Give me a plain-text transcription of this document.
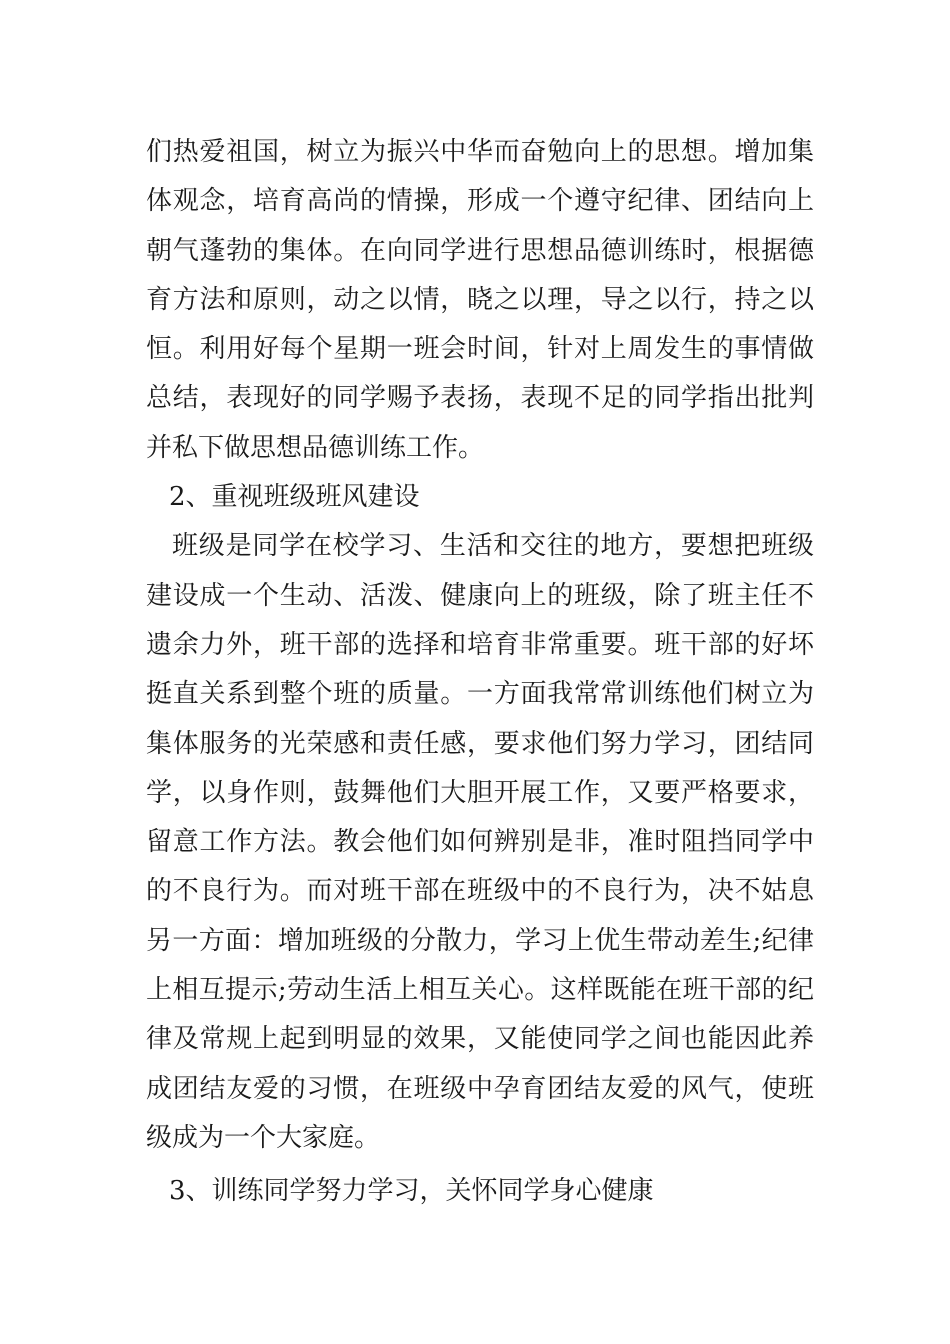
们热爱祖国，树立为振兴中华而奋勉向上的思想。增加集
体观念，培育高尚的情操，形成一个遵守纪律、团结向上
朝气蓬勃的集体。在向同学进行思想品德训练时，根据德
育方法和原则，动之以情，晓之以理，导之以行，持之以
恒。利用好每个星期一班会时间，针对上周发生的事情做
总结，表现好的同学赐予表扬，表现不足的同学指出批判
并私下做思想品德训练工作。
2、重视班级班风建设
班级是同学在校学习、生活和交往的地方，要想把班级
建设成一个生动、活泼、健康向上的班级，除了班主任不
遗余力外，班干部的选择和培育非常重要。班干部的好坏
挺直关系到整个班的质量。一方面我常常训练他们树立为
集体服务的光荣感和责任感，要求他们努力学习，团结同
学，以身作则，鼓舞他们大胆开展工作，又要严格要求，
留意工作方法。教会他们如何辨别是非，准时阻挡同学中
的不良行为。而对班干部在班级中的不良行为，决不姑息
另一方面：增加班级的分散力，学习上优生带动差生;纪律
上相互提示;劳动生活上相互关心。这样既能在班干部的纪
律及常规上起到明显的效果，又能使同学之间也能因此养
成团结友爱的习惯，在班级中孕育团结友爱的风气，使班
级成为一个大家庭。
3、训练同学努力学习，关怀同学身心健康
